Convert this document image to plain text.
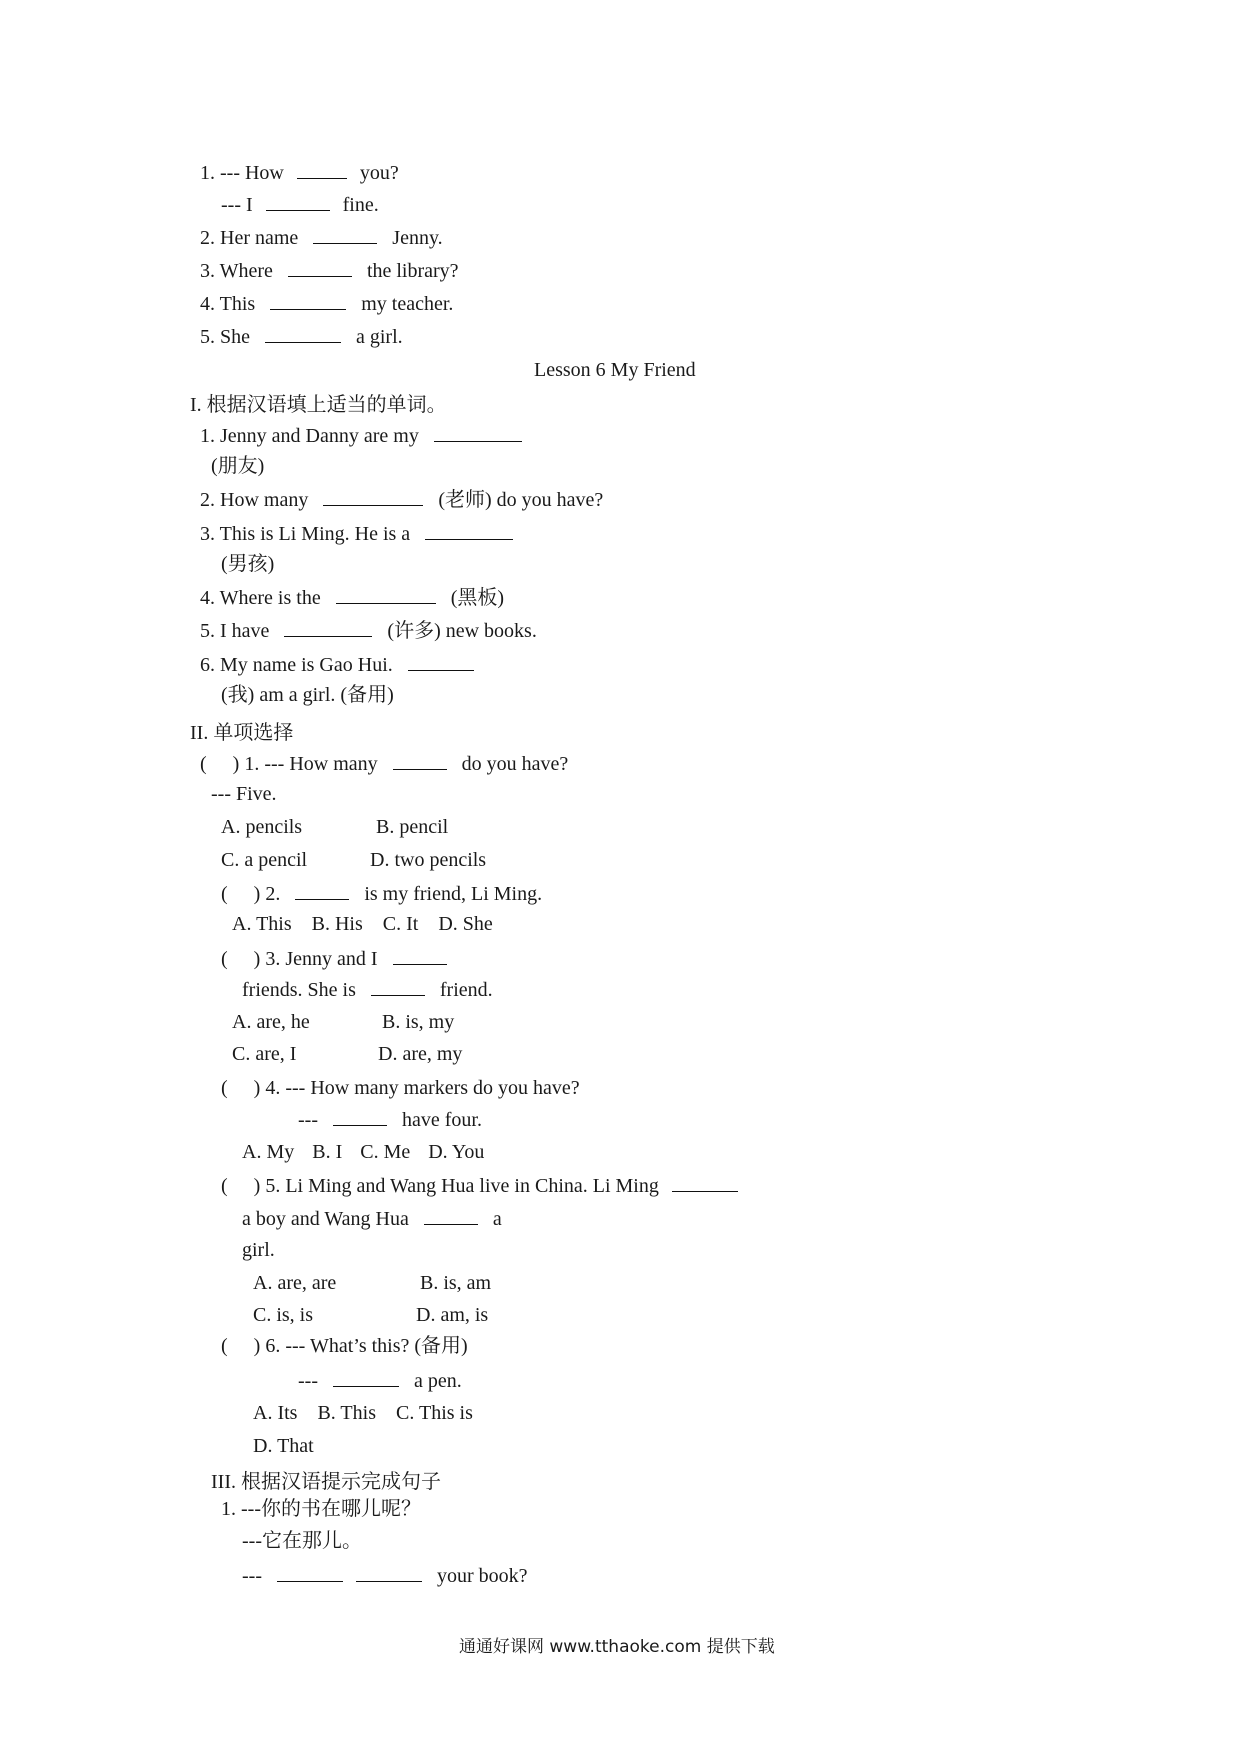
1. --- How	you?
--- I	fine.
2. Her name	Jenny.
3. Where	the library?
4. This	my teacher.
5. She	a girl.
Lesson 6 My Friend
I. 根据汉语填上适当的单词。
1. Jenny and Danny are my
(朋友)
2. How many	(老师) do you have?
3. This is Li Ming. He is a
(男孩)
4. Where is the	(黑板)
5. I have	(许多) new books.
6. My name is Gao Hui.
(我) am a girl. (备用)
II. 单项选择
( ) 1. --- How many	do you have?
--- Five.
A. pencils	B. pencil
C. a pencil	D. two pencils
( ) 2.	is my friend, Li Ming.
A. This B. His C. It D. She
( ) 3. Jenny and I
friends. She is	friend.
A. are, he	B. is, my
C. are, I	D. are, my
( ) 4. --- How many markers do you have?
---	have four.
A. My B. I C. Me D. You
( ) 5. Li Ming and Wang Hua live in China. Li Ming
a boy and Wang Hua	a
girl.
A. are, are	B. is, am
C. is, is	D. am, is
( ) 6. --- What’s this? (备用)
---	a pen.
A. Its B. This C. This is
D. That
III. 根据汉语提示完成句子
1. ---你的书在哪儿呢？
---它在那儿。
---	your book?
通通好课网 www.tthaoke.com 提供下载
